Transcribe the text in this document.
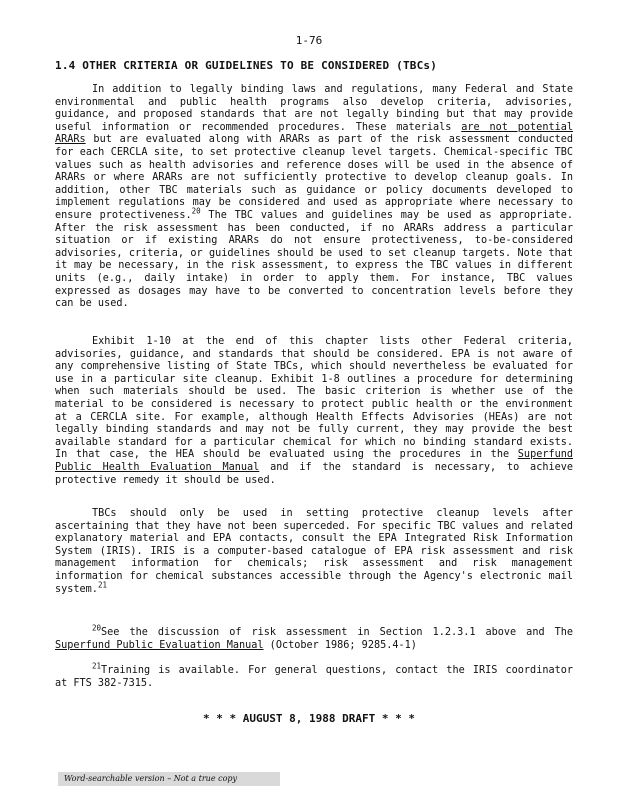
1-76
1.4 OTHER CRITERIA OR GUIDELINES TO BE CONSIDERED (TBCs)

In addition to legally binding laws and regulations, many Federal and State environmental and public health programs also develop criteria, advisories, guidance, and proposed standards that are not legally binding but that may provide useful information or recommended procedures. These materials are not potential ARARs but are evaluated along with ARARs as part of the risk assessment conducted for each CERCLA site, to set protective cleanup level targets. Chemical-specific TBC values such as health advisories and reference doses will be used in the absence of ARARs or where ARARs are not sufficiently protective to develop cleanup goals. In addition, other TBC materials such as guidance or policy documents developed to implement regulations may be considered and used as appropriate where necessary to ensure protectiveness.$^{20}$ The TBC values and guidelines may be used as appropriate. After the risk assessment has been conducted, if no ARARs address a particular situation or if existing ARARs do not ensure protectiveness, to-be-considered advisories, criteria, or guidelines should be used to set cleanup targets. Note that it may be necessary, in the risk assessment, to express the TBC values in different units (e.g., daily intake) in order to apply them. For instance, TBC values expressed as dosages may have to be converted to concentration levels before they can be used.

Exhibit 1-10 at the end of this chapter lists other Federal criteria, advisories, guidance, and standards that should be considered. EPA is not aware of any comprehensive listing of State TBCs, which should nevertheless be evaluated for use in a particular site cleanup. Exhibit 1-8 outlines a procedure for determining when such materials should be used. The basic criterion is whether use of the material to be considered is necessary to protect public health or the environment at a CERCLA site. For example, although Health Effects Advisories (HEAs) are not legally binding standards and may not be fully current, they may provide the best available standard for a particular chemical for which no binding standard exists. In that case, the HEA should be evaluated using the procedures in the Superfund Public Health Evaluation Manual and if the standard is necessary, to achieve protective remedy it should be used.

TBCs should only be used in setting protective cleanup levels after ascertaining that they have not been superceded. For specific TBC values and related explanatory material and EPA contacts, consult the EPA Integrated Risk Information System (IRIS). IRIS is a computer-based catalogue of EPA risk assessment and risk management information for chemicals; risk assessment and risk management information for chemical substances accessible through the Agency's electronic mail system.$^{21}$

$^{20}$See the discussion of risk assessment in Section 1.2.3.1 above and The Superfund Public Evaluation Manual (October 1986; 9285.4-1)

$^{21}$Training is available. For general questions, contact the IRIS coordinator at FTS 382-7315.

* * * AUGUST 8, 1988 DRAFT * * *
Word-searchable version – Not a true copy
